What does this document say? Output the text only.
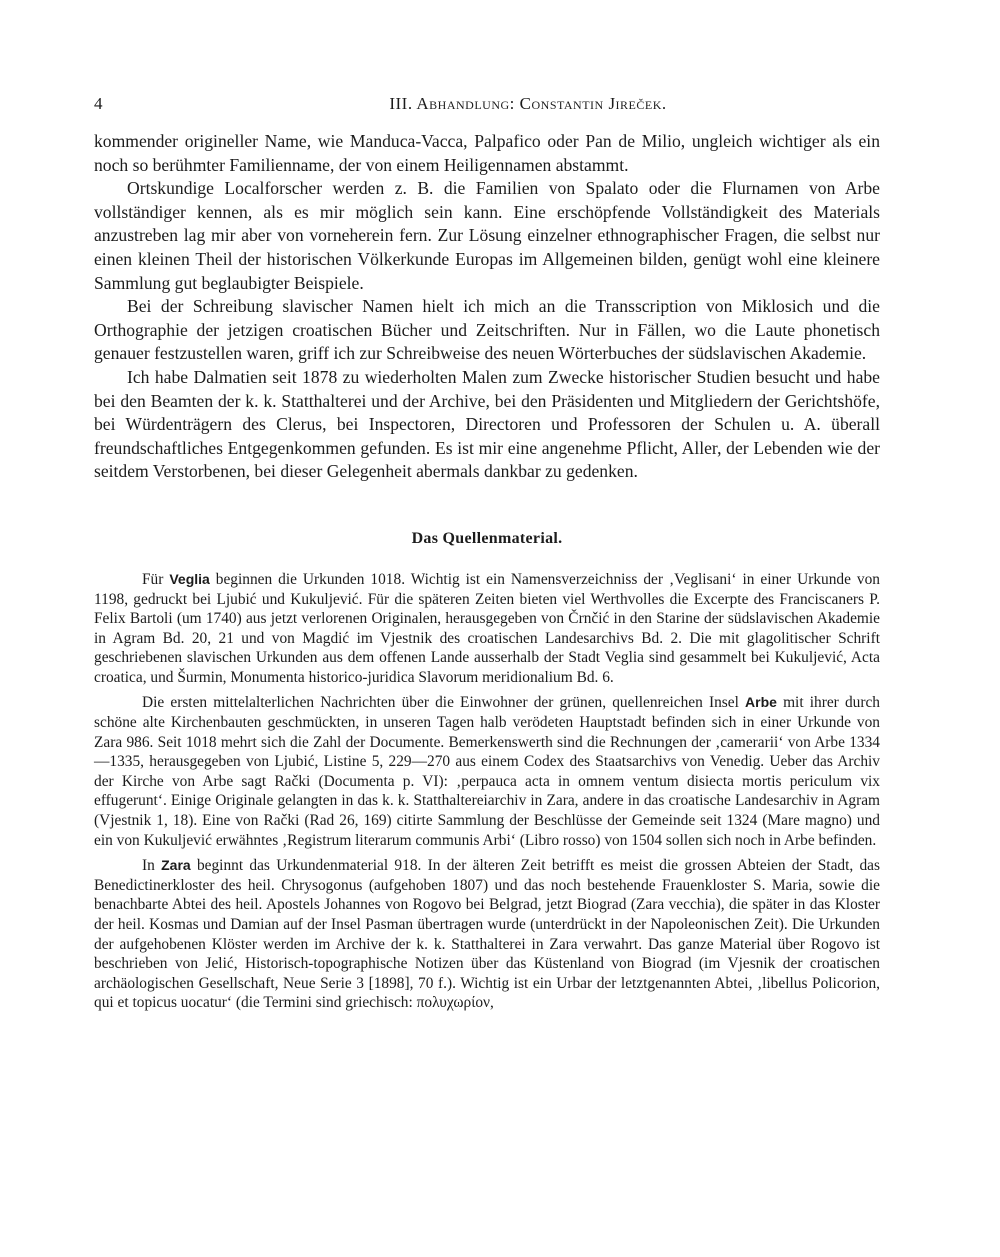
4	III. Abhandlung: Constantin Jireček.

kommender origineller Name, wie Manduca-Vacca, Palpafico oder Pan de Milio, ungleich wichtiger als ein noch so berühmter Familienname, der von einem Heiligennamen abstammt.

Ortskundige Localforscher werden z. B. die Familien von Spalato oder die Flurnamen von Arbe vollständiger kennen, als es mir möglich sein kann. Eine erschöpfende Vollständigkeit des Materials anzustreben lag mir aber von vorneherein fern. Zur Lösung einzelner ethnographischer Fragen, die selbst nur einen kleinen Theil der historischen Völkerkunde Europas im Allgemeinen bilden, genügt wohl eine kleinere Sammlung gut beglaubigter Beispiele.

Bei der Schreibung slavischer Namen hielt ich mich an die Transscription von Miklosich und die Orthographie der jetzigen croatischen Bücher und Zeitschriften. Nur in Fällen, wo die Laute phonetisch genauer festzustellen waren, griff ich zur Schreibweise des neuen Wörterbuches der südslavischen Akademie.

Ich habe Dalmatien seit 1878 zu wiederholten Malen zum Zwecke historischer Studien besucht und habe bei den Beamten der k. k. Statthalterei und der Archive, bei den Präsidenten und Mitgliedern der Gerichtshöfe, bei Würdenträgern des Clerus, bei Inspectoren, Directoren und Professoren der Schulen u. A. überall freundschaftliches Entgegenkommen gefunden. Es ist mir eine angenehme Pflicht, Aller, der Lebenden wie der seitdem Verstorbenen, bei dieser Gelegenheit abermals dankbar zu gedenken.

Das Quellenmaterial.

Für Veglia beginnen die Urkunden 1018. Wichtig ist ein Namensverzeichniss der ‚Veglisani‘ in einer Urkunde von 1198, gedruckt bei Ljubić und Kukuljević. Für die späteren Zeiten bieten viel Werthvolles die Excerpte des Franciscaners P. Felix Bartoli (um 1740) aus jetzt verlorenen Originalen, herausgegeben von Črnčić in den Starine der südslavischen Akademie in Agram Bd. 20, 21 und von Magdić im Vjestnik des croatischen Landesarchivs Bd. 2. Die mit glagolitischer Schrift geschriebenen slavischen Urkunden aus dem offenen Lande ausserhalb der Stadt Veglia sind gesammelt bei Kukuljević, Acta croatica, und Šurmin, Monumenta historico-juridica Slavorum meridionalium Bd. 6.

Die ersten mittelalterlichen Nachrichten über die Einwohner der grünen, quellenreichen Insel Arbe mit ihrer durch schöne alte Kirchenbauten geschmückten, in unseren Tagen halb verödeten Hauptstadt befinden sich in einer Urkunde von Zara 986. Seit 1018 mehrt sich die Zahl der Documente. Bemerkenswerth sind die Rechnungen der ‚camerarii‘ von Arbe 1334—1335, herausgegeben von Ljubić, Listine 5, 229—270 aus einem Codex des Staatsarchivs von Venedig. Ueber das Archiv der Kirche von Arbe sagt Rački (Documenta p. VI): ‚perpauca acta in omnem ventum disiecta mortis periculum vix effugerunt‘. Einige Originale gelangten in das k. k. Statthaltereiarchiv in Zara, andere in das croatische Landesarchiv in Agram (Vjestnik 1, 18). Eine von Rački (Rad 26, 169) citirte Sammlung der Beschlüsse der Gemeinde seit 1324 (Mare magno) und ein von Kukuljević erwähntes ‚Registrum literarum communis Arbi‘ (Libro rosso) von 1504 sollen sich noch in Arbe befinden.

In Zara beginnt das Urkundenmaterial 918. In der älteren Zeit betrifft es meist die grossen Abteien der Stadt, das Benedictinerkloster des heil. Chrysogonus (aufgehoben 1807) und das noch bestehende Frauenkloster S. Maria, sowie die benachbarte Abtei des heil. Apostels Johannes von Rogovo bei Belgrad, jetzt Biograd (Zara vecchia), die später in das Kloster der heil. Kosmas und Damian auf der Insel Pasman übertragen wurde (unterdrückt in der Napoleonischen Zeit). Die Urkunden der aufgehobenen Klöster werden im Archive der k. k. Statthalterei in Zara verwahrt. Das ganze Material über Rogovo ist beschrieben von Jelić, Historisch-topographische Notizen über das Küstenland von Biograd (im Vjesnik der croatischen archäologischen Gesellschaft, Neue Serie 3 [1898], 70 f.). Wichtig ist ein Urbar der letztgenannten Abtei, ‚libellus Policorion, qui et topicus uocatur‘ (die Termini sind griechisch: πολυχωρίον,
